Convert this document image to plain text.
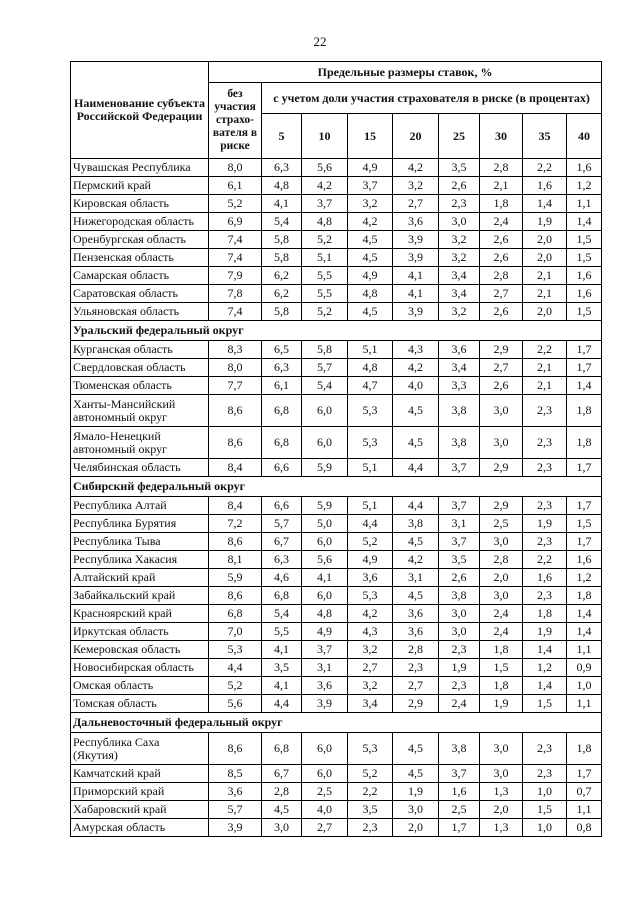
22
Наименование субъекта Российской Федерации	Предельные размеры ставок, %								
	без участия страхо-вателя в риске	с учетом доли участия страхователя в риске (в процентах)							
		5	10	15	20	25	30	35	40
Чувашская Республика	8,0	6,3	5,6	4,9	4,2	3,5	2,8	2,2	1,6
Пермский край	6,1	4,8	4,2	3,7	3,2	2,6	2,1	1,6	1,2
Кировская область	5,2	4,1	3,7	3,2	2,7	2,3	1,8	1,4	1,1
Нижегородская область	6,9	5,4	4,8	4,2	3,6	3,0	2,4	1,9	1,4
Оренбургская область	7,4	5,8	5,2	4,5	3,9	3,2	2,6	2,0	1,5
Пензенская область	7,4	5,8	5,1	4,5	3,9	3,2	2,6	2,0	1,5
Самарская область	7,9	6,2	5,5	4,9	4,1	3,4	2,8	2,1	1,6
Саратовская область	7,8	6,2	5,5	4,8	4,1	3,4	2,7	2,1	1,6
Ульяновская область	7,4	5,8	5,2	4,5	3,9	3,2	2,6	2,0	1,5
Уральский федеральный округ									
Курганская область	8,3	6,5	5,8	5,1	4,3	3,6	2,9	2,2	1,7
Свердловская область	8,0	6,3	5,7	4,8	4,2	3,4	2,7	2,1	1,7
Тюменская область	7,7	6,1	5,4	4,7	4,0	3,3	2,6	2,1	1,4
Ханты-Мансийский автономный округ	8,6	6,8	6,0	5,3	4,5	3,8	3,0	2,3	1,8
Ямало-Ненецкий автономный округ	8,6	6,8	6,0	5,3	4,5	3,8	3,0	2,3	1,8
Челябинская область	8,4	6,6	5,9	5,1	4,4	3,7	2,9	2,3	1,7
Сибирский федеральный округ									
Республика Алтай	8,4	6,6	5,9	5,1	4,4	3,7	2,9	2,3	1,7
Республика Бурятия	7,2	5,7	5,0	4,4	3,8	3,1	2,5	1,9	1,5
Республика Тыва	8,6	6,7	6,0	5,2	4,5	3,7	3,0	2,3	1,7
Республика Хакасия	8,1	6,3	5,6	4,9	4,2	3,5	2,8	2,2	1,6
Алтайский край	5,9	4,6	4,1	3,6	3,1	2,6	2,0	1,6	1,2
Забайкальский край	8,6	6,8	6,0	5,3	4,5	3,8	3,0	2,3	1,8
Красноярский край	6,8	5,4	4,8	4,2	3,6	3,0	2,4	1,8	1,4
Иркутская область	7,0	5,5	4,9	4,3	3,6	3,0	2,4	1,9	1,4
Кемеровская область	5,3	4,1	3,7	3,2	2,8	2,3	1,8	1,4	1,1
Новосибирская область	4,4	3,5	3,1	2,7	2,3	1,9	1,5	1,2	0,9
Омская область	5,2	4,1	3,6	3,2	2,7	2,3	1,8	1,4	1,0
Томская область	5,6	4,4	3,9	3,4	2,9	2,4	1,9	1,5	1,1
Дальневосточный федеральный округ									
Республика Саха (Якутия)	8,6	6,8	6,0	5,3	4,5	3,8	3,0	2,3	1,8
Камчатский край	8,5	6,7	6,0	5,2	4,5	3,7	3,0	2,3	1,7
Приморский край	3,6	2,8	2,5	2,2	1,9	1,6	1,3	1,0	0,7
Хабаровский край	5,7	4,5	4,0	3,5	3,0	2,5	2,0	1,5	1,1
Амурская область	3,9	3,0	2,7	2,3	2,0	1,7	1,3	1,0	0,8
